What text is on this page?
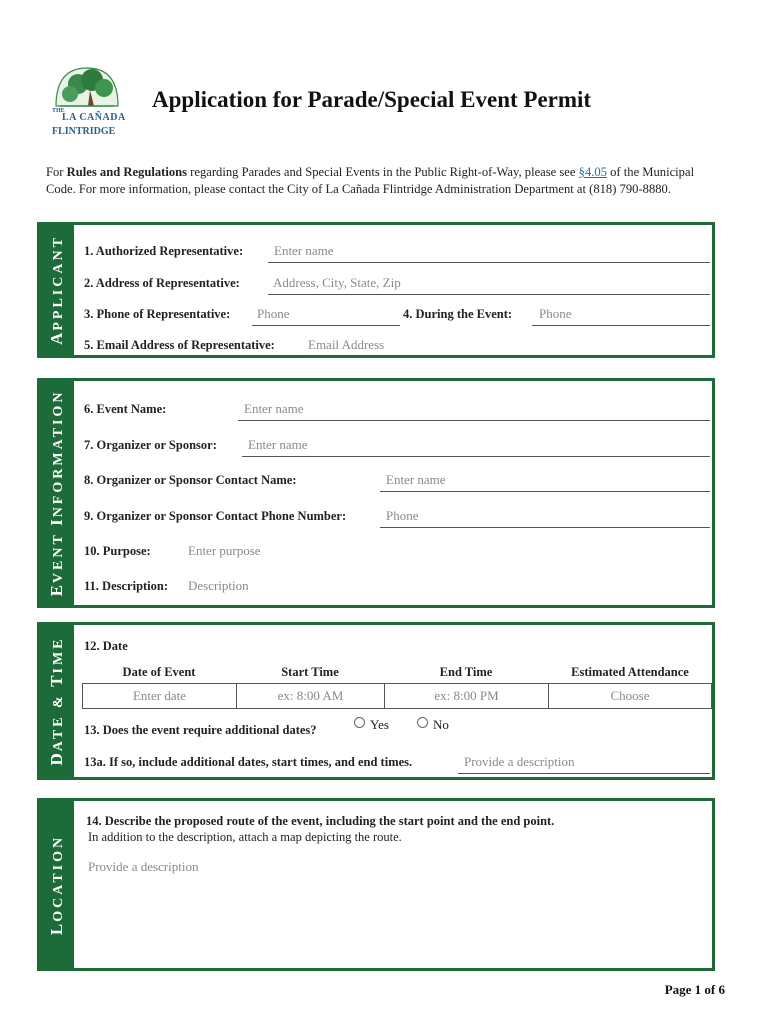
THE
LA CAÑADA
FLINTRIDGE
Application for Parade/Special Event Permit
For Rules and Regulations regarding Parades and Special Events in the Public Right-of-Way, please see §4.05 of the Municipal Code. For more information, please contact the City of La Cañada Flintridge Administration Department at (818) 790-8880.
APPLICANT 1. Authorized Representative: Enter name
2. Address of Representative:	Address, City, State, Zip
3. Phone of Representative: Phone	4. During the Event: Phone
5. Email Address of Representative:	Email Address
EVENT INFORMATION 6. Event Name:	Enter name
7. Organizer or Sponsor: Enter name
8. Organizer or Sponsor Contact Name:	Enter name
9. Organizer or Sponsor Contact Phone Number:	Phone
10. Purpose:	Enter purpose
11. Description: Description
DATE & TIME 12. Date
Date of Event	Start Time	End Time	Estimated Attendance
Enter date	ex: 8:00 AM	ex: 8:00 PM	Choose
13. Does the event require additional dates?	Yes	No
13a. If so, include additional dates, start times, and end times.	Provide a description
LOCATION
14. Describe the proposed route of the event, including the start point and the end point.
In addition to the description, attach a map depicting the route.
Provide a description
Page 1 of 6
